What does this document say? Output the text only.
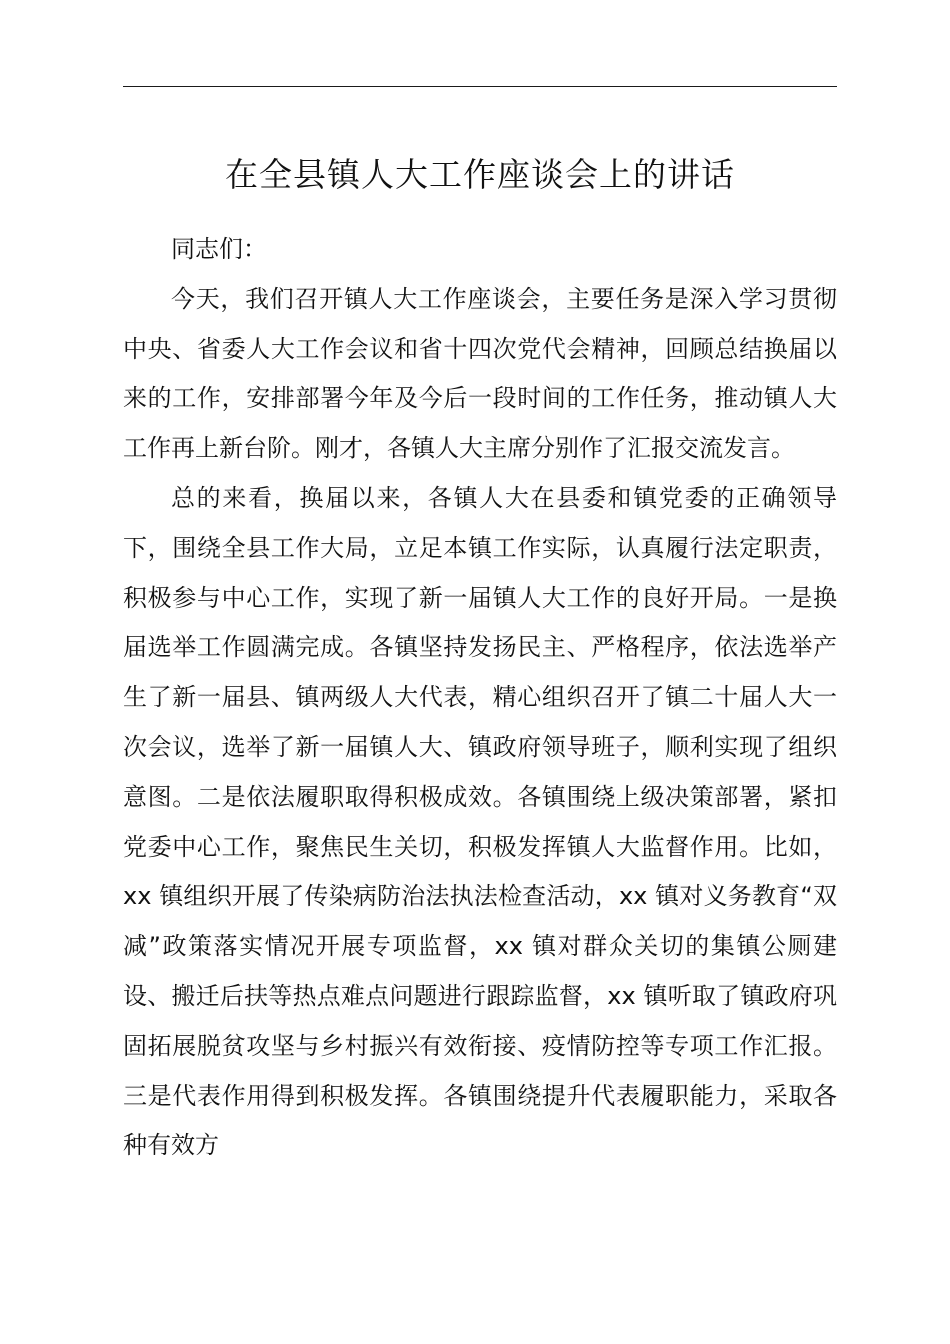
在全县镇人大工作座谈会上的讲话

同志们：

今天，我们召开镇人大工作座谈会，主要任务是深入学习贯彻中央、省委人大工作会议和省十四次党代会精神，回顾总结换届以来的工作，安排部署今年及今后一段时间的工作任务，推动镇人大工作再上新台阶。刚才，各镇人大主席分别作了汇报交流发言。

总的来看，换届以来，各镇人大在县委和镇党委的正确领导下，围绕全县工作大局，立足本镇工作实际，认真履行法定职责，积极参与中心工作，实现了新一届镇人大工作的良好开局。一是换届选举工作圆满完成。各镇坚持发扬民主、严格程序，依法选举产生了新一届县、镇两级人大代表，精心组织召开了镇二十届人大一次会议，选举了新一届镇人大、镇政府领导班子，顺利实现了组织意图。二是依法履职取得积极成效。各镇围绕上级决策部署，紧扣党委中心工作，聚焦民生关切，积极发挥镇人大监督作用。比如，xx 镇组织开展了传染病防治法执法检查活动，xx 镇对义务教育“双减”政策落实情况开展专项监督，xx 镇对群众关切的集镇公厕建设、搬迁后扶等热点难点问题进行跟踪监督，xx 镇听取了镇政府巩固拓展脱贫攻坚与乡村振兴有效衔接、疫情防控等专项工作汇报。三是代表作用得到积极发挥。各镇围绕提升代表履职能力，采取各种有效方
